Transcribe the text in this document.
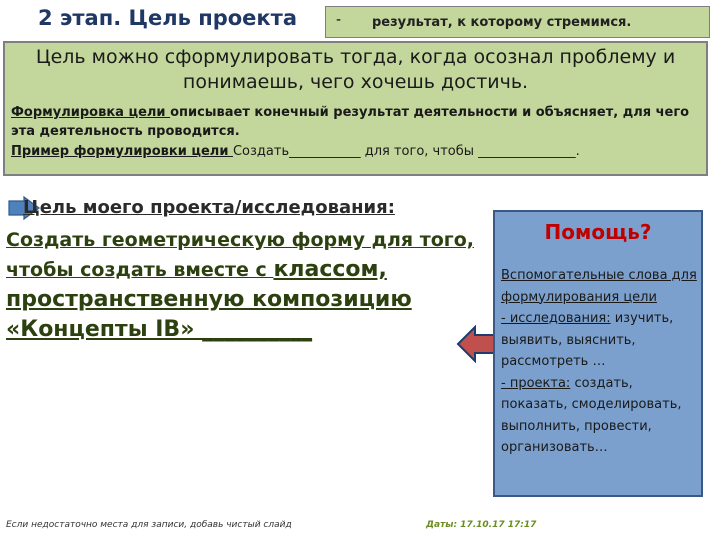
2 этап. Цель проекта	- результат, к которому стремимся.
Цель можно сформулировать тогда, когда осознал проблему и понимаешь, чего хочешь достичь.
Формулировка цели описывает конечный результат деятельности и объясняет, для чего эта деятельность проводится.
Пример формулировки цели Создать___________ для того, чтобы _______________.
Цель моего проекта/исследования:
Создать геометрическую форму для того,
чтобы создать вместе с классом,
пространственную композицию
«Концепты IB» __________
Помощь?
Вспомогательные слова для формулирования цели
- исследования: изучить, выявить, выяснить, рассмотреть …
- проекта: создать, показать, смоделировать, выполнить, провести, организовать…
Если недостаточно места для записи, добавь чистый слайд	Даты: 17.10.17 17:17
